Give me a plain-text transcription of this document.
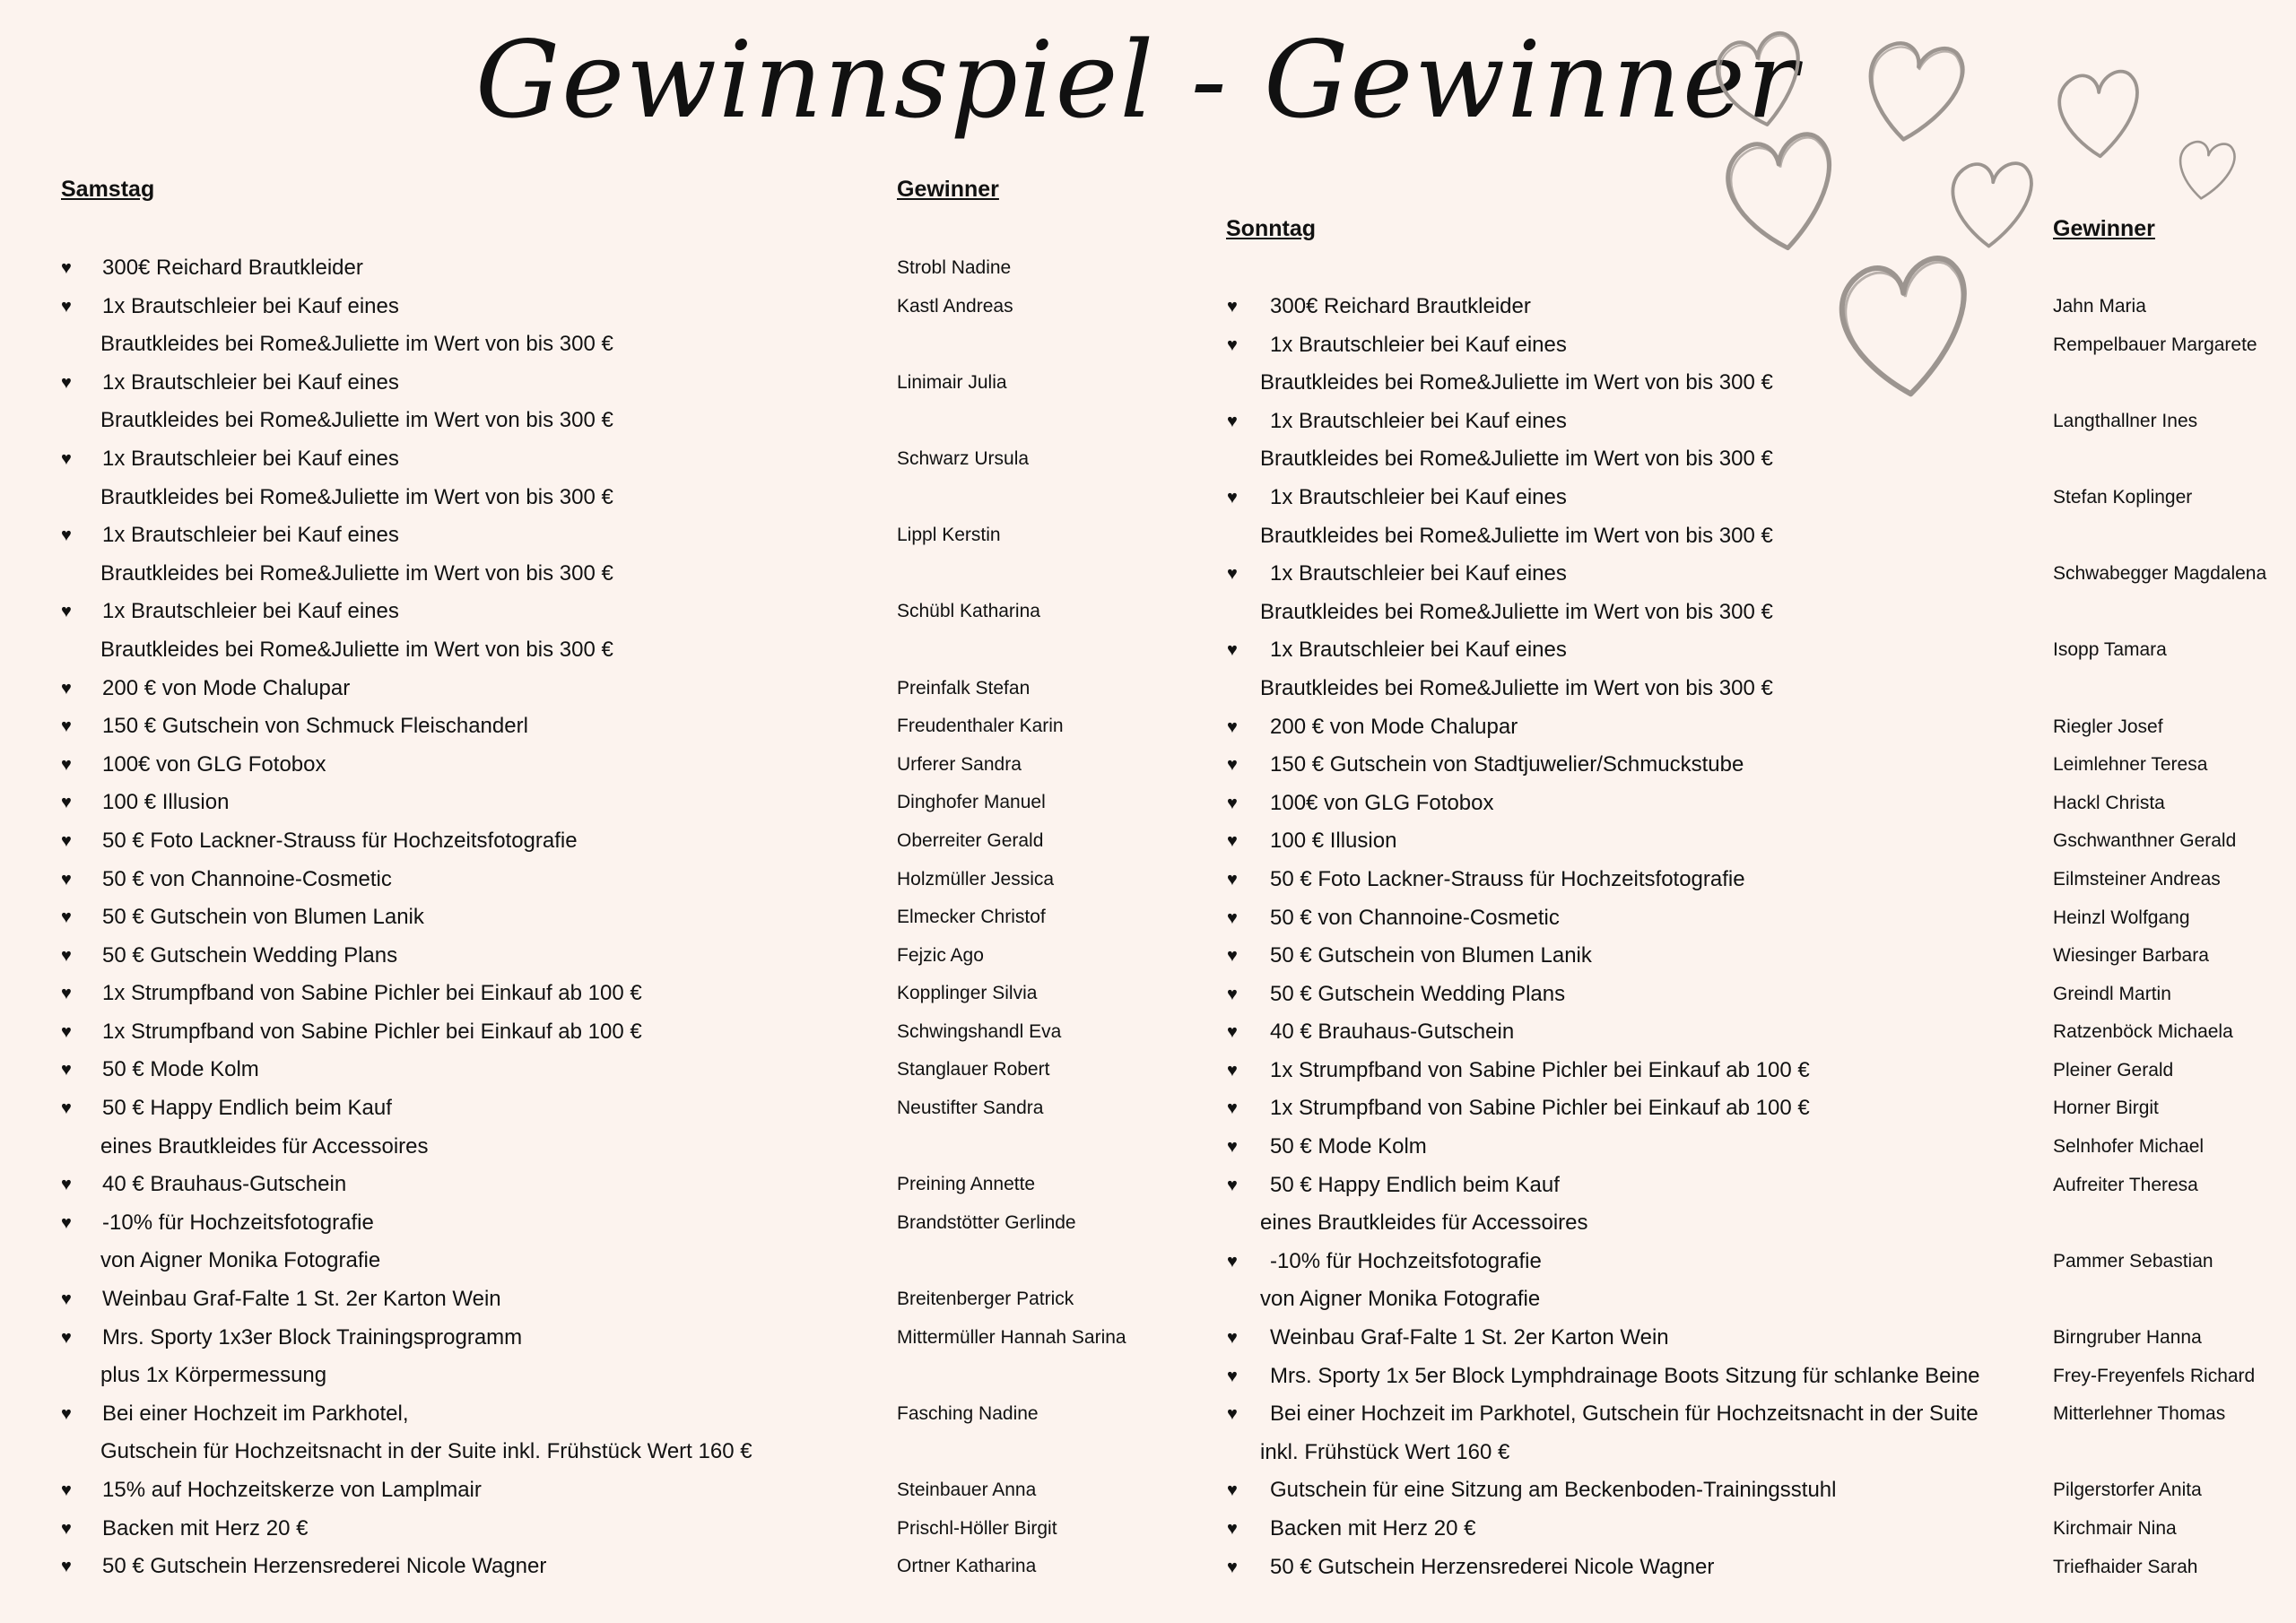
Gewinnspiel - Gewinner
Samstag	Gewinner
Sonntag	Gewinner
♥	300€ Reichard Brautkleider	Strobl Nadine
♥	1x Brautschleier bei Kauf eines	Kastl Andreas
Brautkleides bei Rome&Juliette im Wert von bis 300 €
♥	1x Brautschleier bei Kauf eines	Linimair Julia
Brautkleides bei Rome&Juliette im Wert von bis 300 €
♥	1x Brautschleier bei Kauf eines	Schwarz Ursula
Brautkleides bei Rome&Juliette im Wert von bis 300 €
♥	1x Brautschleier bei Kauf eines	Lippl Kerstin
Brautkleides bei Rome&Juliette im Wert von bis 300 €
♥	1x Brautschleier bei Kauf eines	Schübl Katharina
Brautkleides bei Rome&Juliette im Wert von bis 300 €
♥	200 € von Mode Chalupar	Preinfalk Stefan
♥	150 € Gutschein von Schmuck Fleischanderl	Freudenthaler Karin
♥	100€ von GLG Fotobox	Urferer Sandra
♥	100 € Illusion	Dinghofer Manuel
♥	50 € Foto Lackner-Strauss für Hochzeitsfotografie	Oberreiter Gerald
♥	50 € von Channoine-Cosmetic	Holzmüller Jessica
♥	50 € Gutschein von Blumen Lanik	Elmecker Christof
♥	50 € Gutschein Wedding Plans	Fejzic Ago
♥	1x Strumpfband von Sabine Pichler bei Einkauf ab 100 €	Kopplinger Silvia
♥	1x Strumpfband von Sabine Pichler bei Einkauf ab 100 €	Schwingshandl Eva
♥	50 € Mode Kolm	Stanglauer Robert
♥	50 € Happy Endlich beim Kauf	Neustifter Sandra
eines Brautkleides für Accessoires
♥	40 € Brauhaus-Gutschein	Preining Annette
♥	-10% für Hochzeitsfotografie	Brandstötter Gerlinde
von Aigner Monika Fotografie
♥	Weinbau Graf-Falte 1 St. 2er Karton Wein	Breitenberger Patrick
♥	Mrs. Sporty 1x3er Block Trainingsprogramm	Mittermüller Hannah Sarina
plus 1x Körpermessung
♥	Bei einer Hochzeit im Parkhotel,	Fasching Nadine
Gutschein für Hochzeitsnacht in der Suite inkl. Frühstück Wert 160 €
♥	15% auf Hochzeitskerze von Lamplmair	Steinbauer Anna
♥	Backen mit Herz 20 €	Prischl-Höller Birgit
♥	50 € Gutschein Herzensrederei Nicole Wagner	Ortner Katharina
♥	300€ Reichard Brautkleider	Jahn Maria
♥	1x Brautschleier bei Kauf eines	Rempelbauer Margarete
Brautkleides bei Rome&Juliette im Wert von bis 300 €
♥	1x Brautschleier bei Kauf eines	Langthallner Ines
Brautkleides bei Rome&Juliette im Wert von bis 300 €
♥	1x Brautschleier bei Kauf eines	Stefan Koplinger
Brautkleides bei Rome&Juliette im Wert von bis 300 €
♥	1x Brautschleier bei Kauf eines	Schwabegger Magdalena
Brautkleides bei Rome&Juliette im Wert von bis 300 €
♥	1x Brautschleier bei Kauf eines	Isopp Tamara
Brautkleides bei Rome&Juliette im Wert von bis 300 €
♥	200 € von Mode Chalupar	Riegler Josef
♥	150 € Gutschein von Stadtjuwelier/Schmuckstube	Leimlehner Teresa
♥	100€ von GLG Fotobox	Hackl Christa
♥	100 € Illusion	Gschwanthner Gerald
♥	50 € Foto Lackner-Strauss für Hochzeitsfotografie	Eilmsteiner Andreas
♥	50 € von Channoine-Cosmetic	Heinzl Wolfgang
♥	50 € Gutschein von Blumen Lanik	Wiesinger Barbara
♥	50 € Gutschein Wedding Plans	Greindl Martin
♥	40 € Brauhaus-Gutschein	Ratzenböck Michaela
♥	1x Strumpfband von Sabine Pichler bei Einkauf ab 100 €	Pleiner Gerald
♥	1x Strumpfband von Sabine Pichler bei Einkauf ab 100 €	Horner Birgit
♥	50 € Mode Kolm	Selnhofer Michael
♥	50 € Happy Endlich beim Kauf	Aufreiter Theresa
eines Brautkleides für Accessoires
♥	-10% für Hochzeitsfotografie	Pammer Sebastian
von Aigner Monika Fotografie
♥	Weinbau Graf-Falte 1 St. 2er Karton Wein	Birngruber Hanna
♥	Mrs. Sporty 1x 5er Block Lymphdrainage Boots Sitzung für schlanke Beine	Frey-Freyenfels Richard
♥	Bei einer Hochzeit im Parkhotel, Gutschein für Hochzeitsnacht in der Suite	Mitterlehner Thomas
inkl. Frühstück Wert 160 €
♥	Gutschein für eine Sitzung am Beckenboden-Trainingsstuhl	Pilgerstorfer Anita
♥	Backen mit Herz 20 €	Kirchmair Nina
♥	50 € Gutschein Herzensrederei Nicole Wagner	Triefhaider Sarah
